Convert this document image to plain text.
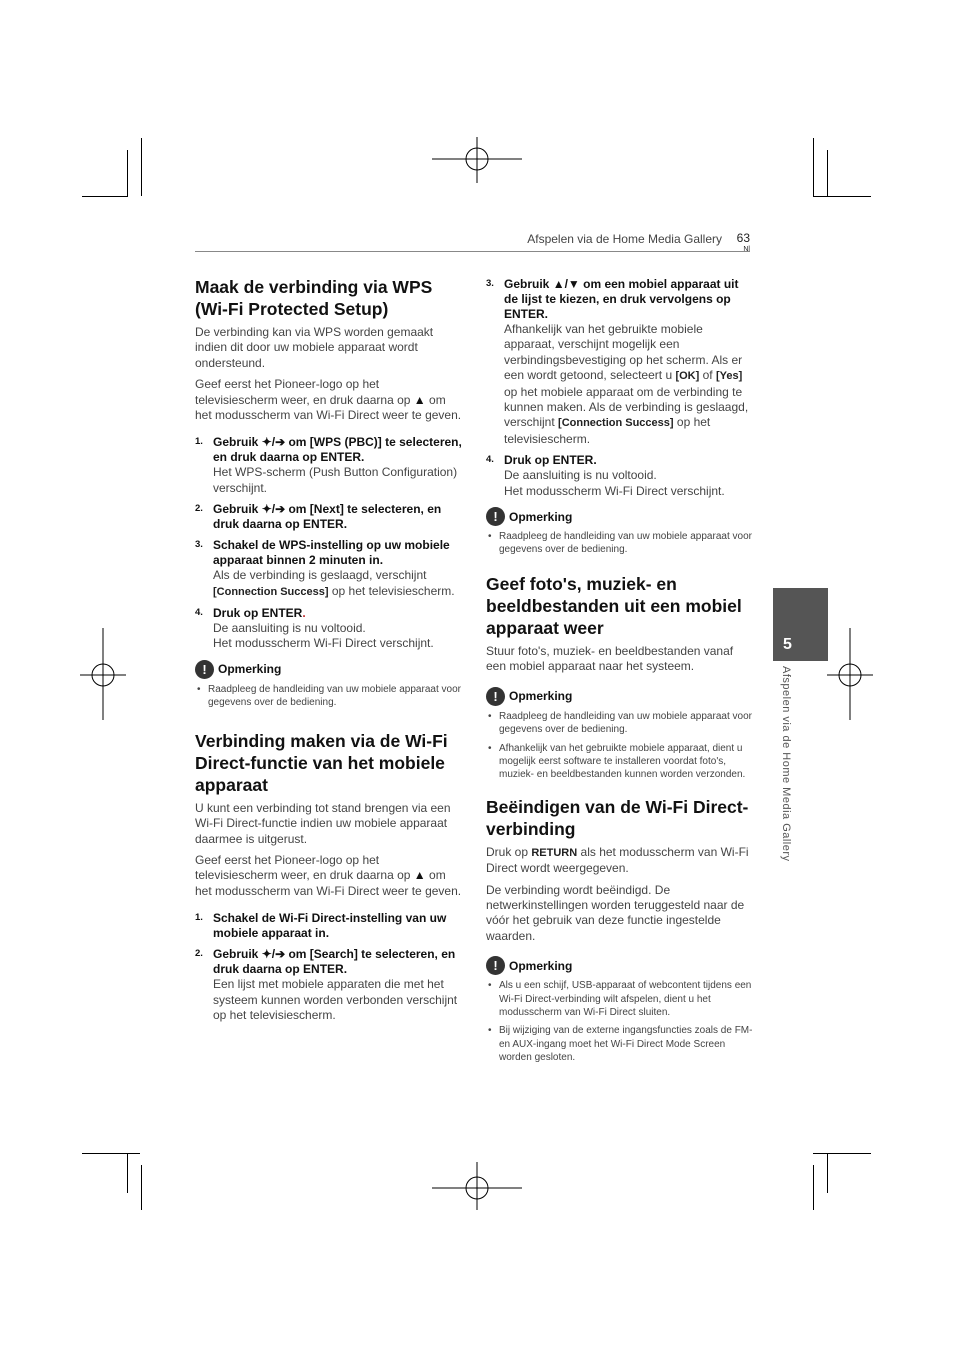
Afspelen via de Home Media Gallery 63
Nl
5
Afspelen via de Home Media Gallery
Maak de verbinding via WPS (Wi-Fi Protected Setup)

De verbinding kan via WPS worden gemaakt indien dit door uw mobiele apparaat wordt ondersteund.

Geef eerst het Pioneer-logo op het televisiescherm weer, en druk daarna op ▲ om het modusscherm van Wi-Fi Direct weer te geven.

1. Gebruik ✦/➔ om [WPS (PBC)] te selecteren, en druk daarna op ENTER.
Het WPS-scherm (Push Button Configuration) verschijnt.
2. Gebruik ✦/➔ om [Next] te selecteren, en druk daarna op ENTER.
3. Schakel de WPS-instelling op uw mobiele apparaat binnen 2 minuten in.
Als de verbinding is geslaagd, verschijnt [Connection Success] op het televisiescherm.
4. Druk op ENTER.
De aansluiting is nu voltooid.
Het modusscherm Wi-Fi Direct verschijnt.
! Opmerking
• Raadpleeg de handleiding van uw mobiele apparaat voor gegevens over de bediening.
Verbinding maken via de Wi-Fi Direct-functie van het mobiele apparaat

U kunt een verbinding tot stand brengen via een Wi-Fi Direct-functie indien uw mobiele apparaat daarmee is uitgerust.

Geef eerst het Pioneer-logo op het televisiescherm weer, en druk daarna op ▲ om het modusscherm van Wi-Fi Direct weer te geven.

1. Schakel de Wi-Fi Direct-instelling van uw mobiele apparaat in.
2. Gebruik ✦/➔ om [Search] te selecteren, en druk daarna op ENTER.
Een lijst met mobiele apparaten die met het systeem kunnen worden verbonden verschijnt op het televisiescherm.
3. Gebruik ▲/▼ om een mobiel apparaat uit de lijst te kiezen, en druk vervolgens op ENTER.
Afhankelijk van het gebruikte mobiele apparaat, verschijnt mogelijk een verbindingsbevestiging op het scherm. Als er een wordt getoond, selecteert u [OK] of [Yes] op het mobiele apparaat om de verbinding te kunnen maken. Als de verbinding is geslaagd, verschijnt [Connection Success] op het televisiescherm.
4. Druk op ENTER.
De aansluiting is nu voltooid.
Het modusscherm Wi-Fi Direct verschijnt.
! Opmerking
• Raadpleeg de handleiding van uw mobiele apparaat voor gegevens over de bediening.
Geef foto's, muziek- en beeldbestanden uit een mobiel apparaat weer

Stuur foto's, muziek- en beeldbestanden vanaf een mobiel apparaat naar het systeem.

! Opmerking
• Raadpleeg de handleiding van uw mobiele apparaat voor gegevens over de bediening.
• Afhankelijk van het gebruikte mobiele apparaat, dient u mogelijk eerst software te installeren voordat foto's, muziek- en beeldbestanden kunnen worden verzonden.
Beëindigen van de Wi-Fi Direct-verbinding

Druk op RETURN als het modusscherm van Wi-Fi Direct wordt weergegeven.

De verbinding wordt beëindigd. De netwerkinstellingen worden teruggesteld naar de vóór het gebruik van deze functie ingestelde waarden.

! Opmerking
• Als u een schijf, USB-apparaat of webcontent tijdens een Wi-Fi Direct-verbinding wilt afspelen, dient u het modusscherm van Wi-Fi Direct sluiten.
• Bij wijziging van de externe ingangsfuncties zoals de FM- en AUX-ingang moet het Wi-Fi Direct Mode Screen worden gesloten.
